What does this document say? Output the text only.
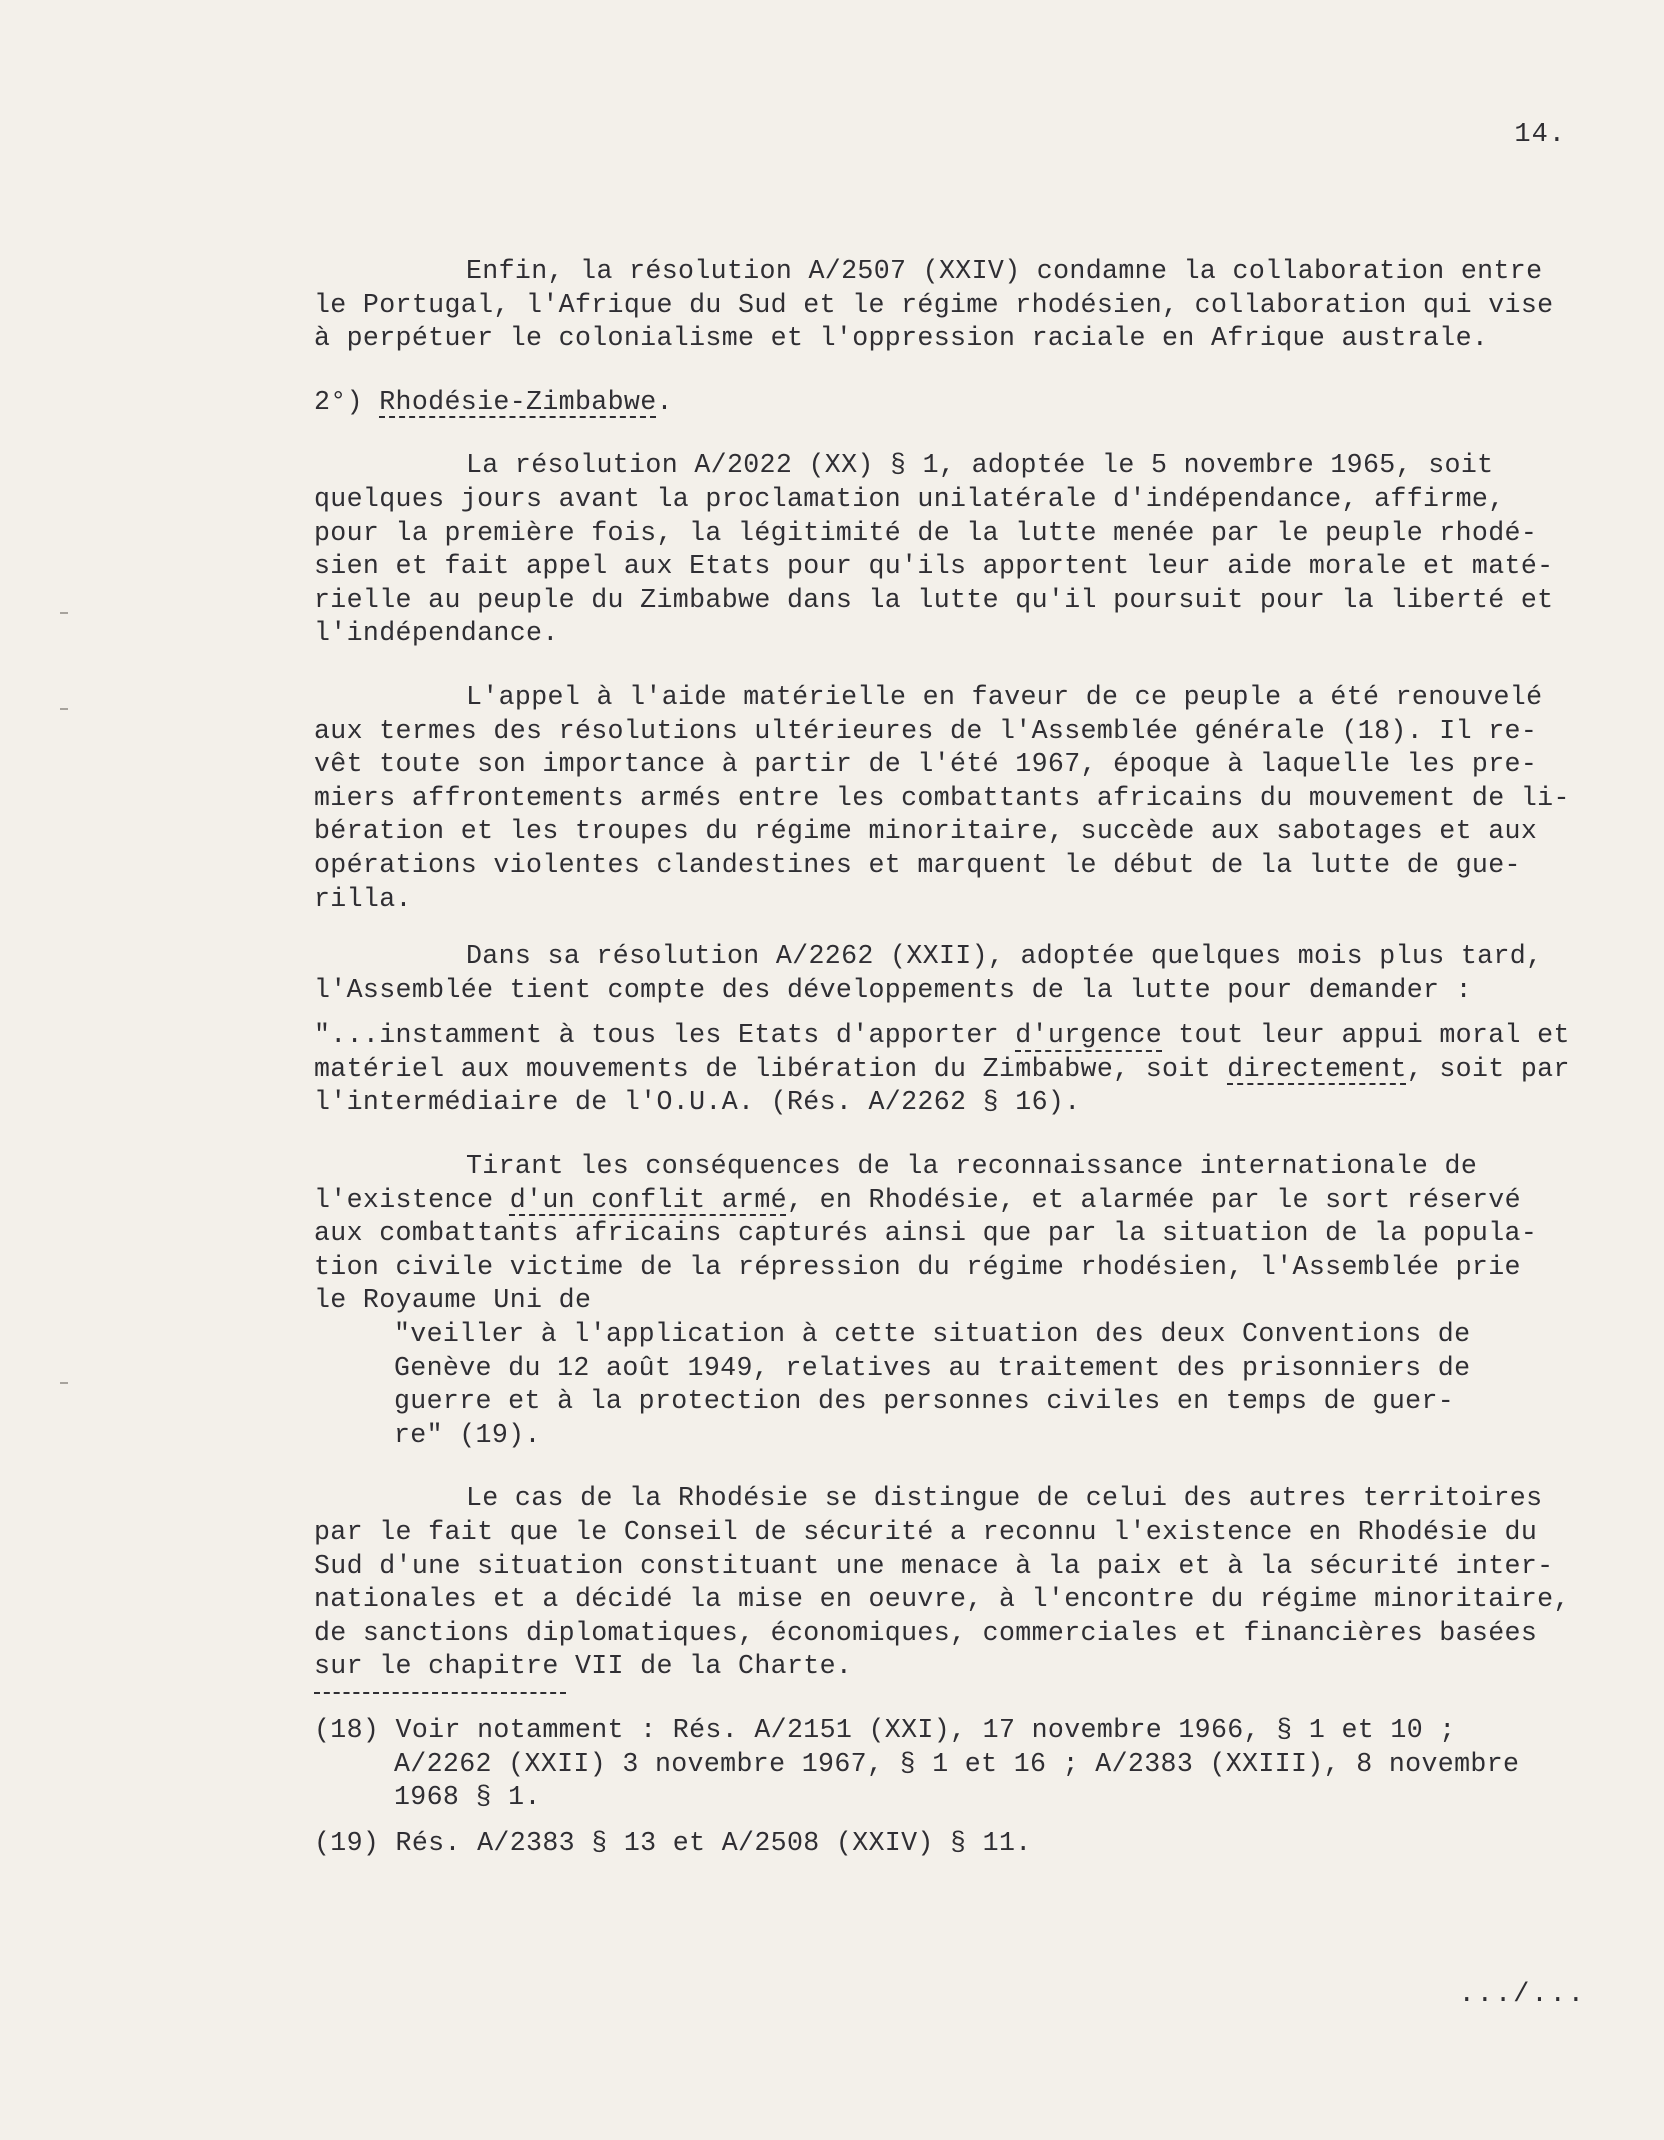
14.
Enfin, la résolution A/2507 (XXIV) condamne la collaboration entre
le Portugal, l'Afrique du Sud et le régime rhodésien, collaboration qui vise
à perpétuer le colonialisme et l'oppression raciale en Afrique australe.
2°) Rhodésie-Zimbabwe.
La résolution A/2022 (XX) § 1, adoptée le 5 novembre 1965, soit
quelques jours avant la proclamation unilatérale d'indépendance, affirme,
pour la première fois, la légitimité de la lutte menée par le peuple rhodé-
sien et fait appel aux Etats pour qu'ils apportent leur aide morale et maté-
rielle au peuple du Zimbabwe dans la lutte qu'il poursuit pour la liberté et
l'indépendance.
L'appel à l'aide matérielle en faveur de ce peuple a été renouvelé
aux termes des résolutions ultérieures de l'Assemblée générale (18). Il re-
vêt toute son importance à partir de l'été 1967, époque à laquelle les pre-
miers affrontements armés entre les combattants africains du mouvement de li-
bération et les troupes du régime minoritaire, succède aux sabotages et aux
opérations violentes clandestines et marquent le début de la lutte de gue-
rilla.
Dans sa résolution A/2262 (XXII), adoptée quelques mois plus tard,
l'Assemblée tient compte des développements de la lutte pour demander :
"...instamment à tous les Etats d'apporter d'urgence tout leur appui moral et
matériel aux mouvements de libération du Zimbabwe, soit directement, soit par
l'intermédiaire de l'O.U.A. (Rés. A/2262 § 16).
Tirant les conséquences de la reconnaissance internationale de
l'existence d'un conflit armé, en Rhodésie, et alarmée par le sort réservé
aux combattants africains capturés ainsi que par la situation de la popula-
tion civile victime de la répression du régime rhodésien, l'Assemblée prie
le Royaume Uni de
"veiller à l'application à cette situation des deux Conventions de
Genève du 12 août 1949, relatives au traitement des prisonniers de
guerre et à la protection des personnes civiles en temps de guer-
re" (19).
Le cas de la Rhodésie se distingue de celui des autres territoires
par le fait que le Conseil de sécurité a reconnu l'existence en Rhodésie du
Sud d'une situation constituant une menace à la paix et à la sécurité inter-
nationales et a décidé la mise en oeuvre, à l'encontre du régime minoritaire,
de sanctions diplomatiques, économiques, commerciales et financières basées
sur le chapitre VII de la Charte.
(18) Voir notamment : Rés. A/2151 (XXI), 17 novembre 1966, § 1 et 10 ;
A/2262 (XXII) 3 novembre 1967, § 1 et 16 ; A/2383 (XXIII), 8 novembre
1968 § 1.
(19) Rés. A/2383 § 13 et A/2508 (XXIV) § 11.
.../...
